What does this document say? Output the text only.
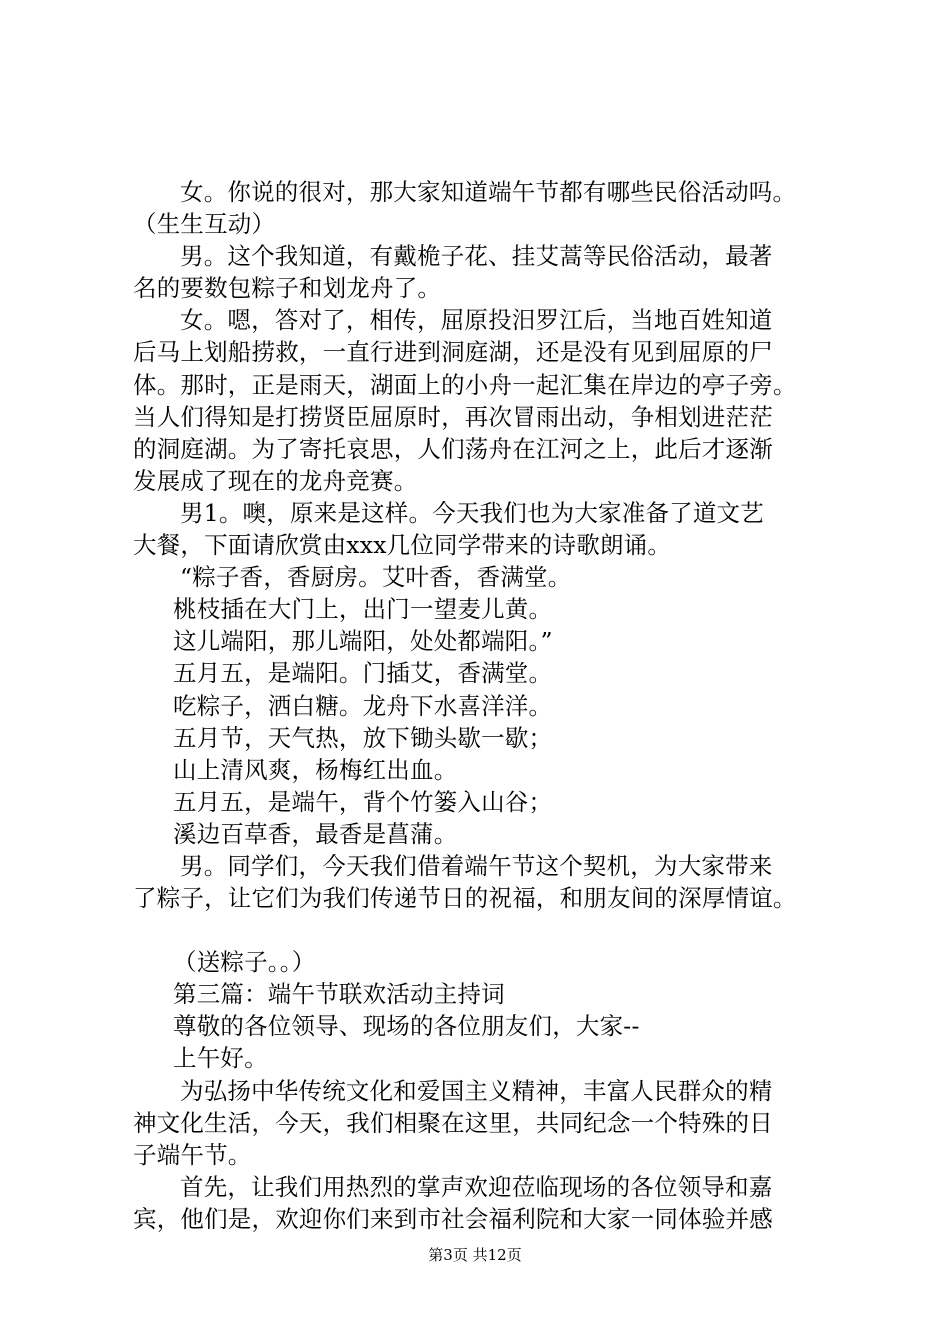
女。你说的很对，那大家知道端午节都有哪些民俗活动吗。
（生生互动）
男。这个我知道，有戴桅子花、挂艾蒿等民俗活动，最著
名的要数包粽子和划龙舟了。
女。嗯，答对了，相传，屈原投汨罗江后，当地百姓知道
后马上划船捞救，一直行进到洞庭湖，还是没有见到屈原的尸
体。那时，正是雨天，湖面上的小舟一起汇集在岸边的亭子旁。
当人们得知是打捞贤臣屈原时，再次冒雨出动，争相划进茫茫
的洞庭湖。为了寄托哀思，人们荡舟在江河之上，此后才逐渐
发展成了现在的龙舟竞赛。
男1。噢，原来是这样。今天我们也为大家准备了道文艺
大餐，下面请欣赏由xxx几位同学带来的诗歌朗诵。
“粽子香，香厨房。艾叶香，香满堂。
桃枝插在大门上，出门一望麦儿黄。
这儿端阳，那儿端阳，处处都端阳。”
五月五，是端阳。门插艾，香满堂。
吃粽子，洒白糖。龙舟下水喜洋洋。
五月节，天气热，放下锄头歇一歇；
山上清风爽，杨梅红出血。
五月五，是端午，背个竹篓入山谷；
溪边百草香，最香是菖蒲。
男。同学们，今天我们借着端午节这个契机，为大家带来
了粽子，让它们为我们传递节日的祝福，和朋友间的深厚情谊。
（送粽子。。）
第三篇：端午节联欢活动主持词
尊敬的各位领导、现场的各位朋友们，大家--
上午好。
为弘扬中华传统文化和爱国主义精神，丰富人民群众的精
神文化生活，今天，我们相聚在这里，共同纪念一个特殊的日
子端午节。
首先，让我们用热烈的掌声欢迎莅临现场的各位领导和嘉
宾，他们是，欢迎你们来到市社会福利院和大家一同体验并感
第3页 共12页
